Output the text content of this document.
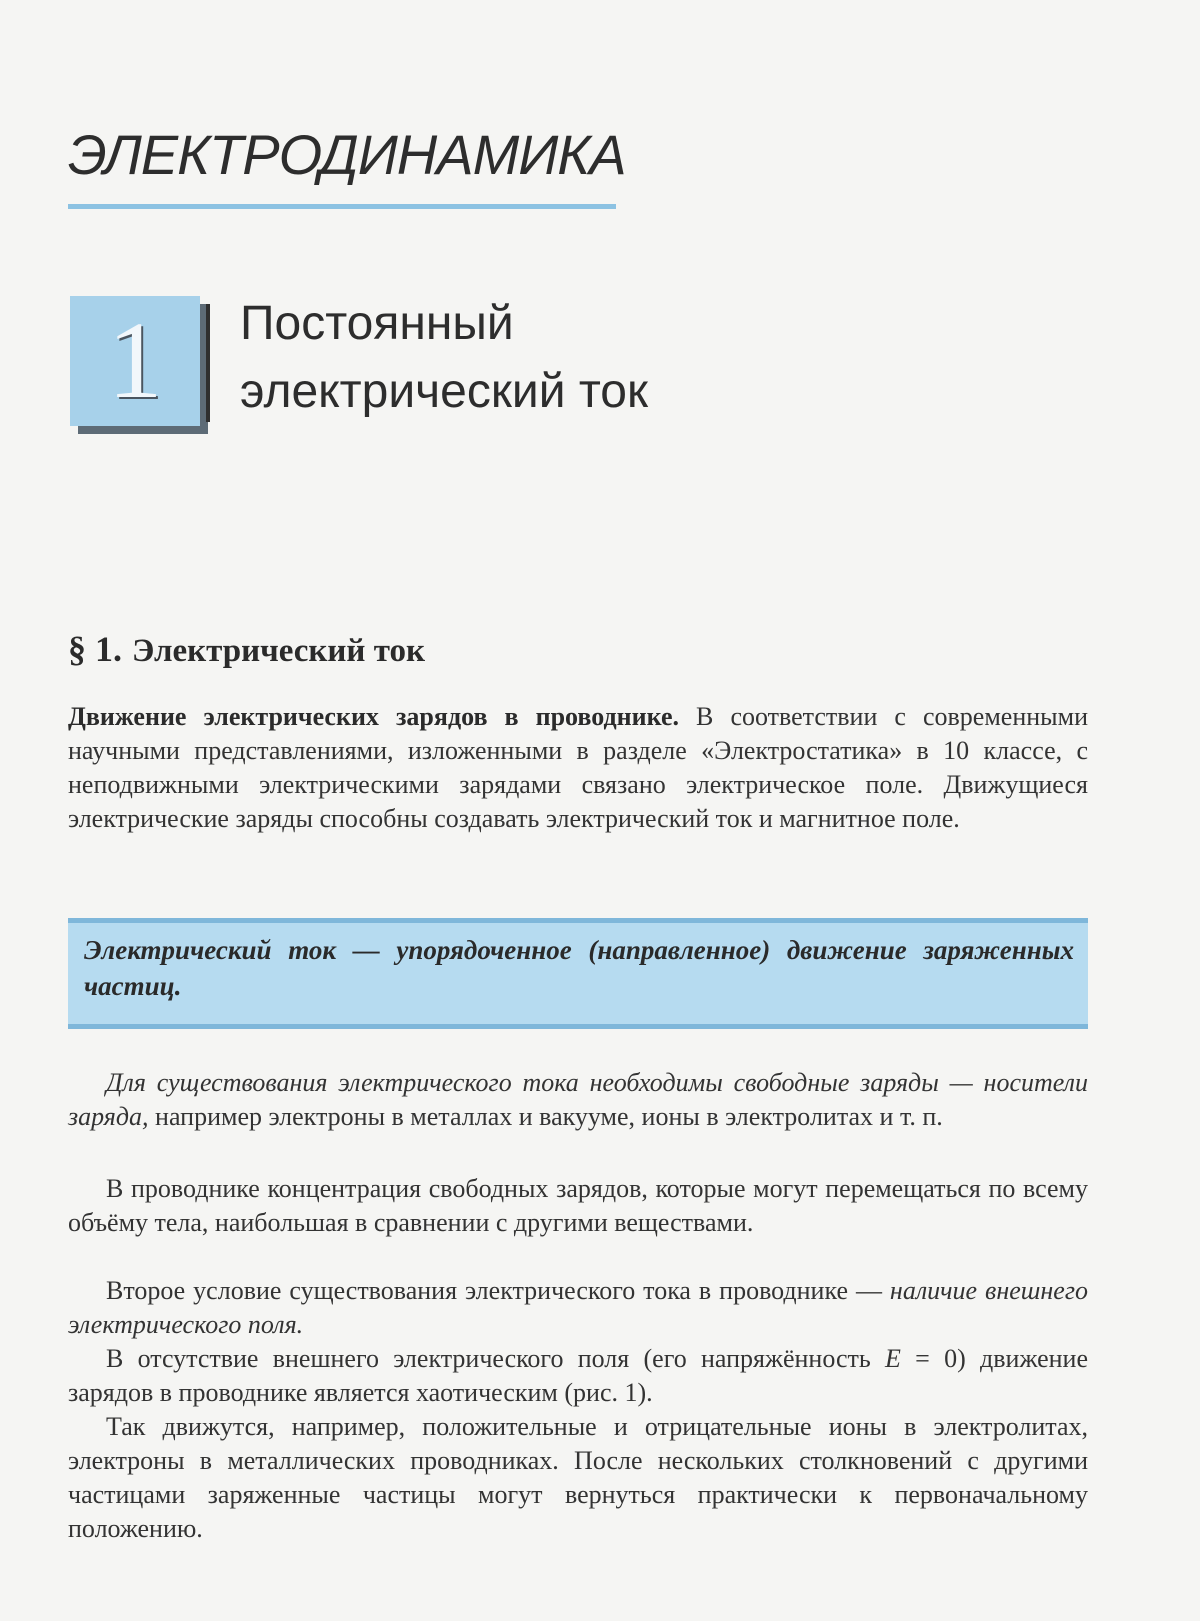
ЭЛЕКТРОДИНАМИКА
1	Постоянный
электрический ток
§ 1. Электрический ток
Движение электрических зарядов в проводнике. В соответствии с современными научными представлениями, изложенными в разделе «Электростатика» в 10 классе, с неподвижными электрическими зарядами связано электрическое поле. Движущиеся электрические заряды способны создавать электрический ток и магнитное поле.
Электрический ток — упорядоченное (направленное) движение заряженных частиц.
Для существования электрического тока необходимы свободные заряды — носители заряда, например электроны в металлах и вакууме, ионы в электролитах и т. п.
В проводнике концентрация свободных зарядов, которые могут перемещаться по всему объёму тела, наибольшая в сравнении с другими веществами.
Второе условие существования электрического тока в проводнике — наличие внешнего электрического поля.
В отсутствие внешнего электрического поля (его напряжённость E = 0) движение зарядов в проводнике является хаотическим (рис. 1).
Так движутся, например, положительные и отрицательные ионы в электролитах, электроны в металлических проводниках. После нескольких столкновений с другими частицами заряженные частицы могут вернуться практически к первоначальному положению.
